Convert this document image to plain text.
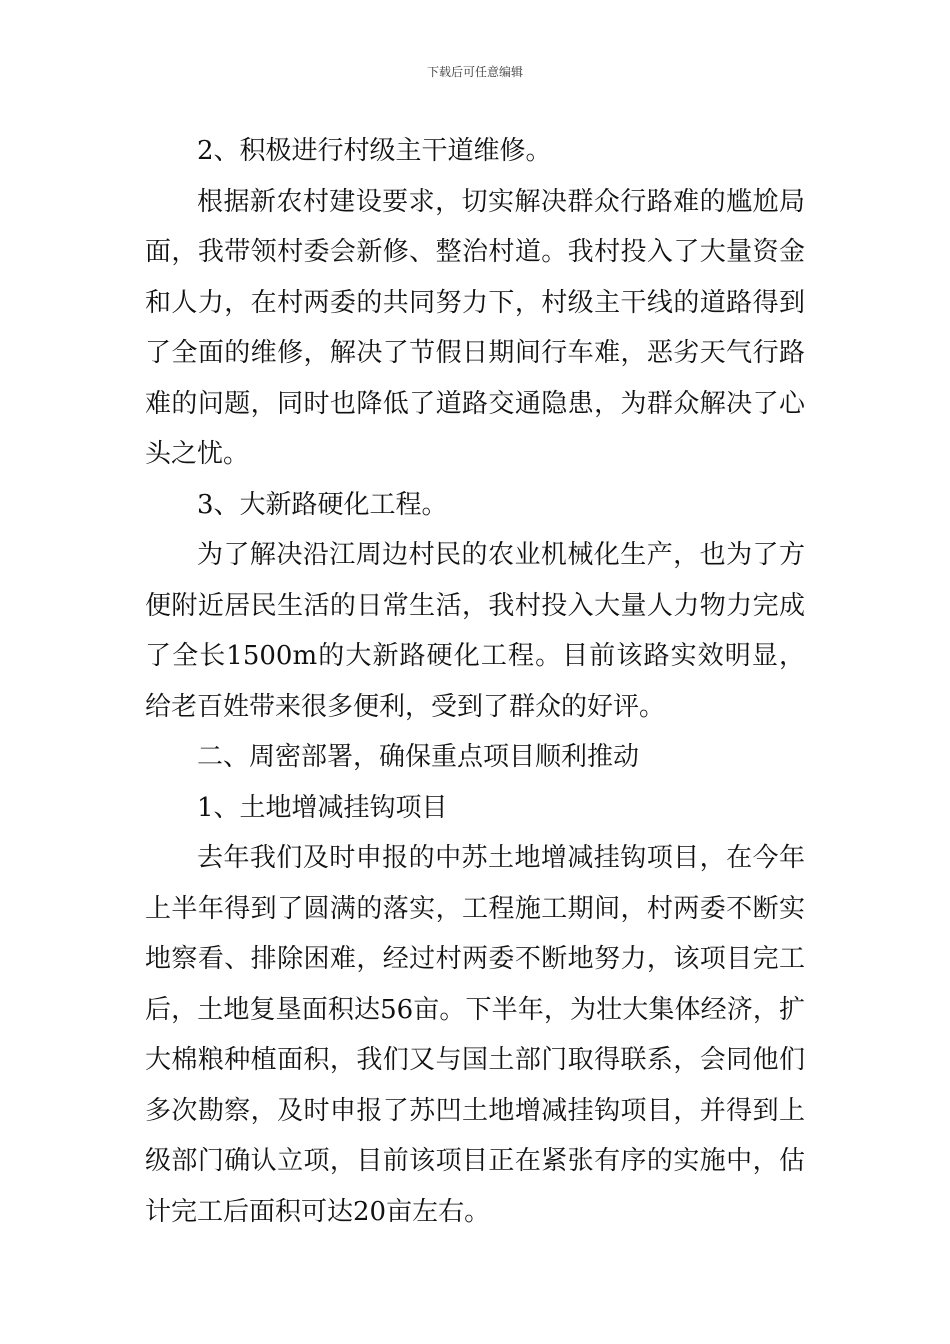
下载后可任意编辑

2、积极进行村级主干道维修。

根据新农村建设要求，切实解决群众行路难的尴尬局面，我带领村委会新修、整治村道。我村投入了大量资金和人力，在村两委的共同努力下，村级主干线的道路得到了全面的维修，解决了节假日期间行车难，恶劣天气行路难的问题，同时也降低了道路交通隐患，为群众解决了心头之忧。

3、大新路硬化工程。

为了解决沿江周边村民的农业机械化生产，也为了方便附近居民生活的日常生活，我村投入大量人力物力完成了全长1500m的大新路硬化工程。目前该路实效明显，给老百姓带来很多便利，受到了群众的好评。

二、周密部署，确保重点项目顺利推动

1、土地增减挂钩项目

去年我们及时申报的中苏土地增减挂钩项目，在今年上半年得到了圆满的落实，工程施工期间，村两委不断实地察看、排除困难，经过村两委不断地努力，该项目完工后，土地复垦面积达56亩。下半年，为壮大集体经济，扩大棉粮种植面积，我们又与国土部门取得联系，会同他们多次勘察，及时申报了苏凹土地增减挂钩项目，并得到上级部门确认立项，目前该项目正在紧张有序的实施中，估计完工后面积可达20亩左右。
